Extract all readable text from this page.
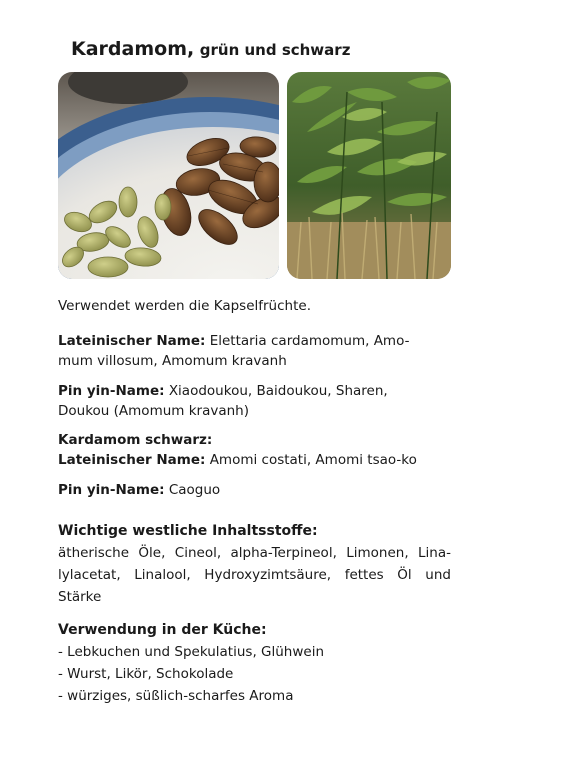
Kardamom, grün und schwarz
Verwendet werden die Kapselfrüchte.
Lateinischer Name: Elettaria cardamomum, Amo-
mum villosum, Amomum kravanh
Pin yin-Name: Xiaodoukou, Baidoukou, Sharen,
Doukou (Amomum kravanh)
Kardamom schwarz:
Lateinischer Name: Amomi costati, Amomi tsao-ko
Pin yin-Name: Caoguo
Wichtige westliche Inhaltsstoffe:
ätherische Öle, Cineol, alpha-Terpineol, Limonen, Lina-
lylacetat, Linalool, Hydroxyzimtsäure, fettes Öl und
Stärke
Verwendung in der Küche:
- Lebkuchen und Spekulatius, Glühwein
- Wurst, Likör, Schokolade
- würziges, süßlich-scharfes Aroma
